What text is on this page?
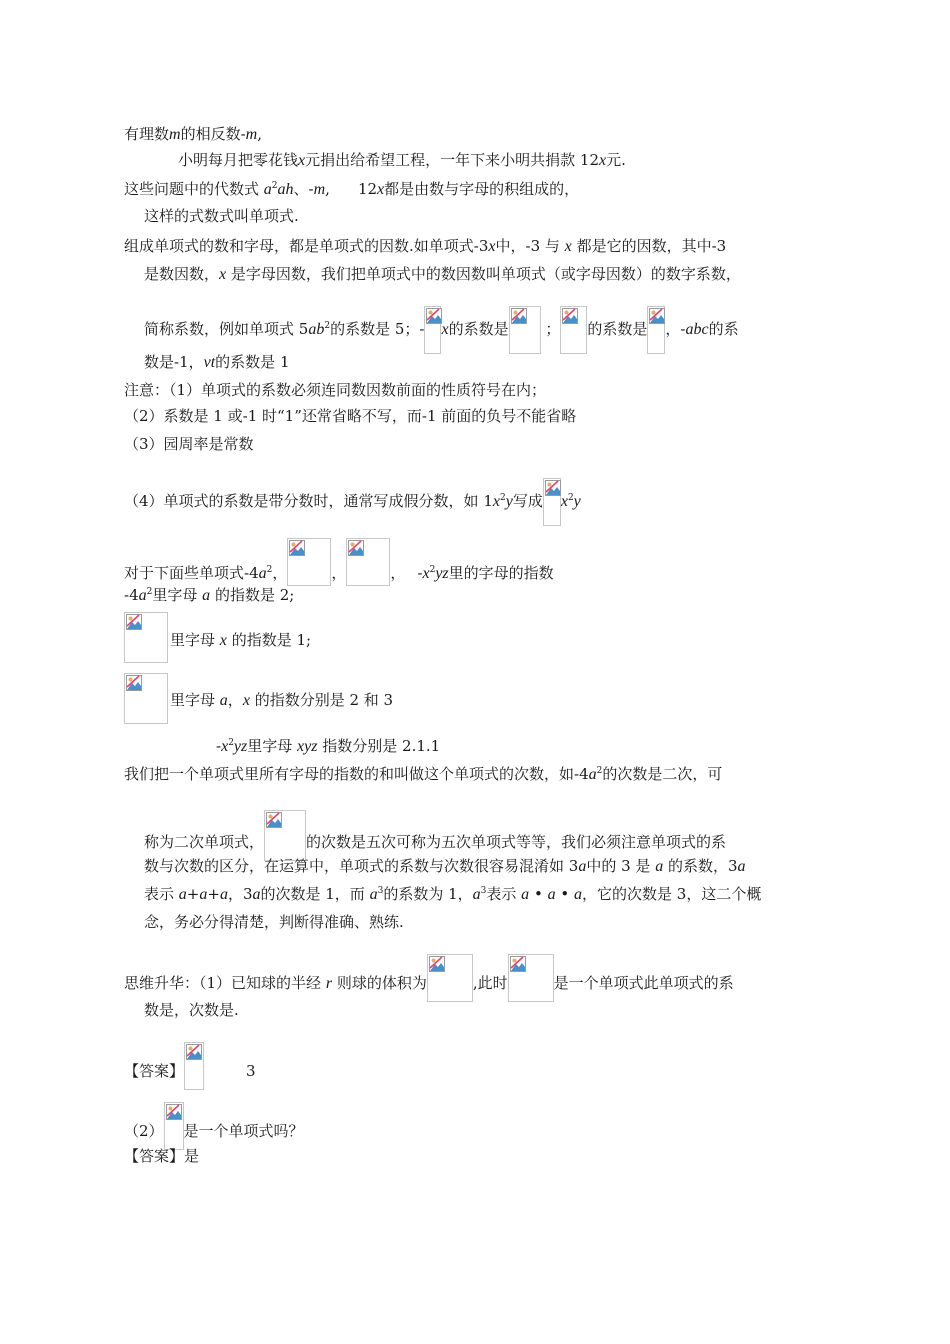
有理数m的相反数-m,
小明每月把零花钱x元捐出给希望工程，一年下来小明共捐款 12x元.
这些问题中的代数式 $a^2ah$、-m, 12x都是由数与字母的积组成的，
这样的式数式叫单项式.
组成单项式的数和字母，都是单项式的因数.如单项式-3x中，-3 与 x 都是它的因数，其中-3
是数因数，x 是字母因数，我们把单项式中的数因数叫单项式（或字母因数）的数字系数，
简称系数，例如单项式 $5ab^2$的系数是 5；- x的系数是 ； 的系数是 ，-abc的系
数是-1，vt的系数是 1
注意：（1）单项式的系数必须连同数因数前面的性质符号在内；
（2）系数是 1 或-1 时“1”还常省略不写，而-1 前面的负号不能省略
（3）园周率是常数
（4）单项式的系数是带分数时，通常写成假分数，如 $1x^2y$写成 $x^2y$
对于下面些单项式$-4a^2$，	，	， $-x^2yz$里的字母的指数
$-4a^2$里字母 a 的指数是 2;
里字母 x 的指数是 1;
里字母 a，x 的指数分别是 2 和 3
$-x^2yz$里字母 xyz 指数分别是 2.1.1
我们把一个单项式里所有字母的指数的和叫做这个单项式的次数，如$-4a^2$的次数是二次，可
称为二次单项式，	的次数是五次可称为五次单项式等等，我们必须注意单项式的系
数与次数的区分，在运算中，单项式的系数与次数很容易混淆如 3a中的 3 是 a 的系数，3a
表示 a+a+a，3a的次数是 1，而 $a^3$的系数为 1，$a^3$表示 a • a • a，它的次数是 3，这二个概
念，务必分得清楚，判断得准确、熟练.
思维升华：（1）已知球的半经 r 则球的体积为	,此时	是一个单项式此单项式的系
数是，次数是.
【答案】	3
（2） 是一个单项式吗？
【答案】是
